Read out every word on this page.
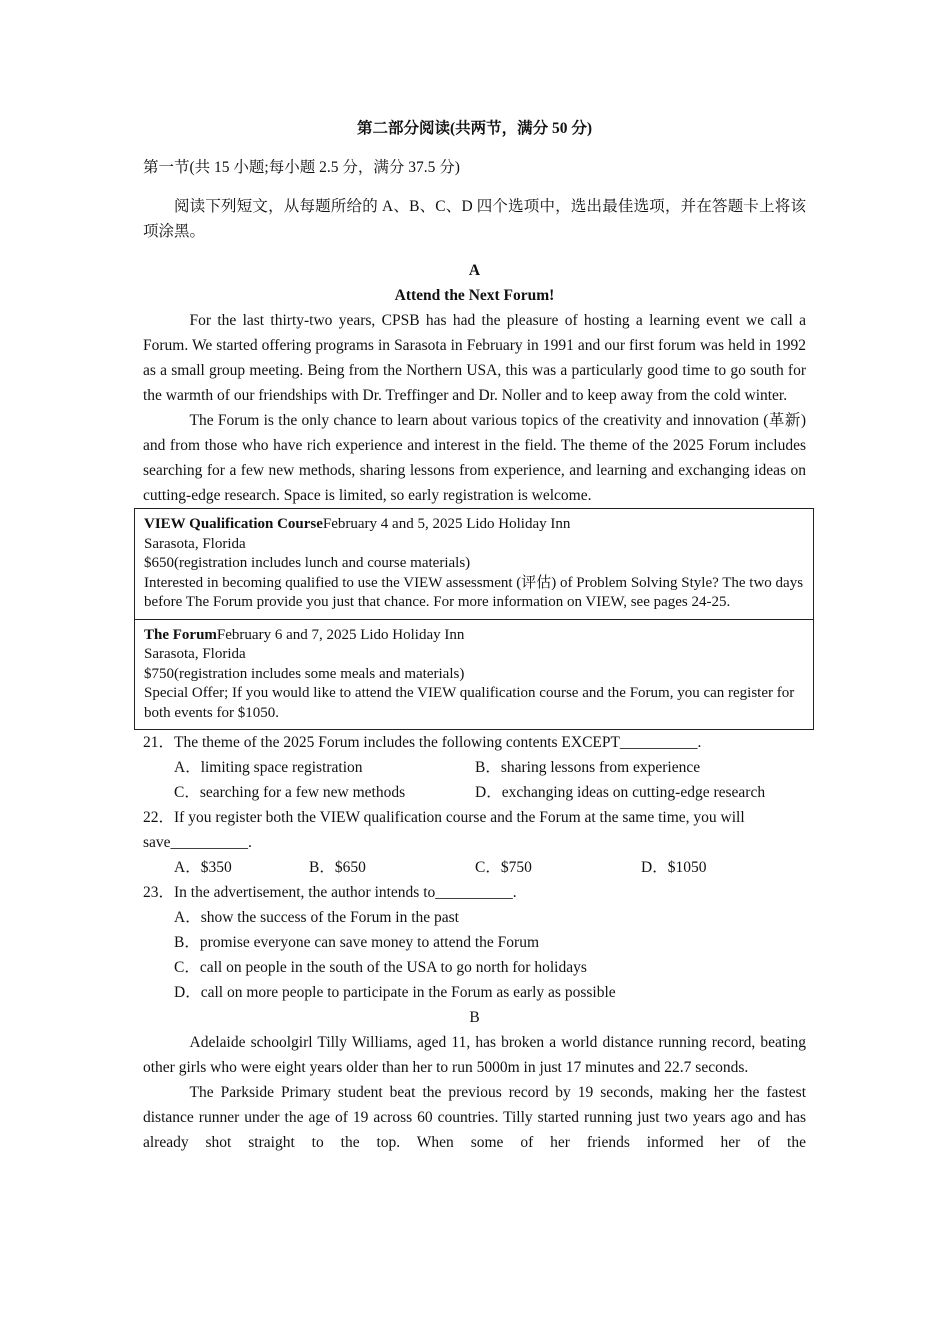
第二部分阅读(共两节，满分 50 分)
第一节(共 15 小题;每小题 2.5 分，满分 37.5 分)
阅读下列短文，从每题所给的 A、B、C、D 四个选项中，选出最佳选项，并在答题卡上将该项涂黑。
A
Attend the Next Forum!
For the last thirty-two years, CPSB has had the pleasure of hosting a learning event we call a Forum. We started offering programs in Sarasota in February in 1991 and our first forum was held in 1992 as a small group meeting. Being from the Northern USA, this was a particularly good time to go south for the warmth of our friendships with Dr. Treffinger and Dr. Noller and to keep away from the cold winter.
The Forum is the only chance to learn about various topics of the creativity and innovation (革新) and from those who have rich experience and interest in the field. The theme of the 2025 Forum includes searching for a few new methods, sharing lessons from experience, and learning and exchanging ideas on cutting-edge research. Space is limited, so early registration is welcome.
VIEW Qualification CourseFebruary 4 and 5, 2025 Lido Holiday Inn
Sarasota, Florida
$650(registration includes lunch and course materials)
Interested in becoming qualified to use the VIEW assessment (评估) of Problem Solving Style? The two days before The Forum provide you just that chance. For more information on VIEW, see pages 24-25.
The ForumFebruary 6 and 7, 2025 Lido Holiday Inn
Sarasota, Florida
$750(registration includes some meals and materials)
Special Offer; If you would like to attend the VIEW qualification course and the Forum, you can register for both events for $1050.
21．The theme of the 2025 Forum includes the following contents EXCEPT__________.
A．limiting space registration	B．sharing lessons from experience
C．searching for a few new methods	D．exchanging ideas on cutting-edge research
22．If you register both the VIEW qualification course and the Forum at the same time, you will
save__________.
A．$350	B．$650	C．$750	D．$1050
23．In the advertisement, the author intends to__________.
A．show the success of the Forum in the past
B．promise everyone can save money to attend the Forum
C．call on people in the south of the USA to go north for holidays
D．call on more people to participate in the Forum as early as possible
B
Adelaide schoolgirl Tilly Williams, aged 11, has broken a world distance running record, beating other girls who were eight years older than her to run 5000m in just 17 minutes and 22.7 seconds.
The Parkside Primary student beat the previous record by 19 seconds, making her the fastest distance runner under the age of 19 across 60 countries. Tilly started running just two years ago and has already shot straight to the top. When some of her friends informed her of the
